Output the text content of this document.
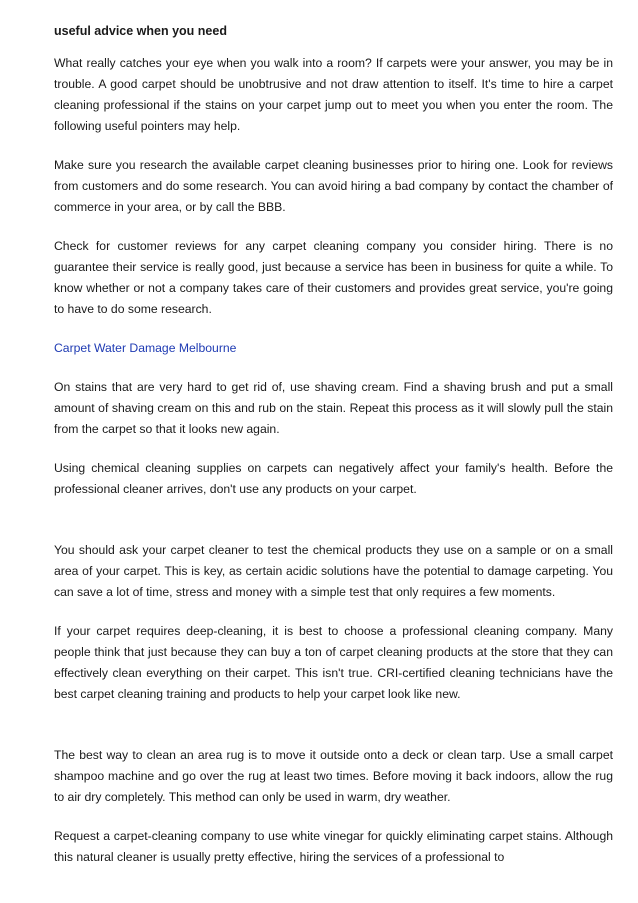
useful advice when you need

What really catches your eye when you walk into a room? If carpets were your answer, you may be in trouble. A good carpet should be unobtrusive and not draw attention to itself. It's time to hire a carpet cleaning professional if the stains on your carpet jump out to meet you when you enter the room. The following useful pointers may help.

Make sure you research the available carpet cleaning businesses prior to hiring one. Look for reviews from customers and do some research. You can avoid hiring a bad company by contact the chamber of commerce in your area, or by call the BBB.

Check for customer reviews for any carpet cleaning company you consider hiring. There is no guarantee their service is really good, just because a service has been in business for quite a while. To know whether or not a company takes care of their customers and provides great service, you're going to have to do some research.

Carpet Water Damage Melbourne

On stains that are very hard to get rid of, use shaving cream. Find a shaving brush and put a small amount of shaving cream on this and rub on the stain. Repeat this process as it will slowly pull the stain from the carpet so that it looks new again.

Using chemical cleaning supplies on carpets can negatively affect your family's health. Before the professional cleaner arrives, don't use any products on your carpet.

You should ask your carpet cleaner to test the chemical products they use on a sample or on a small area of your carpet. This is key, as certain acidic solutions have the potential to damage carpeting. You can save a lot of time, stress and money with a simple test that only requires a few moments.

If your carpet requires deep-cleaning, it is best to choose a professional cleaning company. Many people think that just because they can buy a ton of carpet cleaning products at the store that they can effectively clean everything on their carpet. This isn't true. CRI-certified cleaning technicians have the best carpet cleaning training and products to help your carpet look like new.

The best way to clean an area rug is to move it outside onto a deck or clean tarp. Use a small carpet shampoo machine and go over the rug at least two times. Before moving it back indoors, allow the rug to air dry completely. This method can only be used in warm, dry weather.

Request a carpet-cleaning company to use white vinegar for quickly eliminating carpet stains. Although this natural cleaner is usually pretty effective, hiring the services of a professional to
